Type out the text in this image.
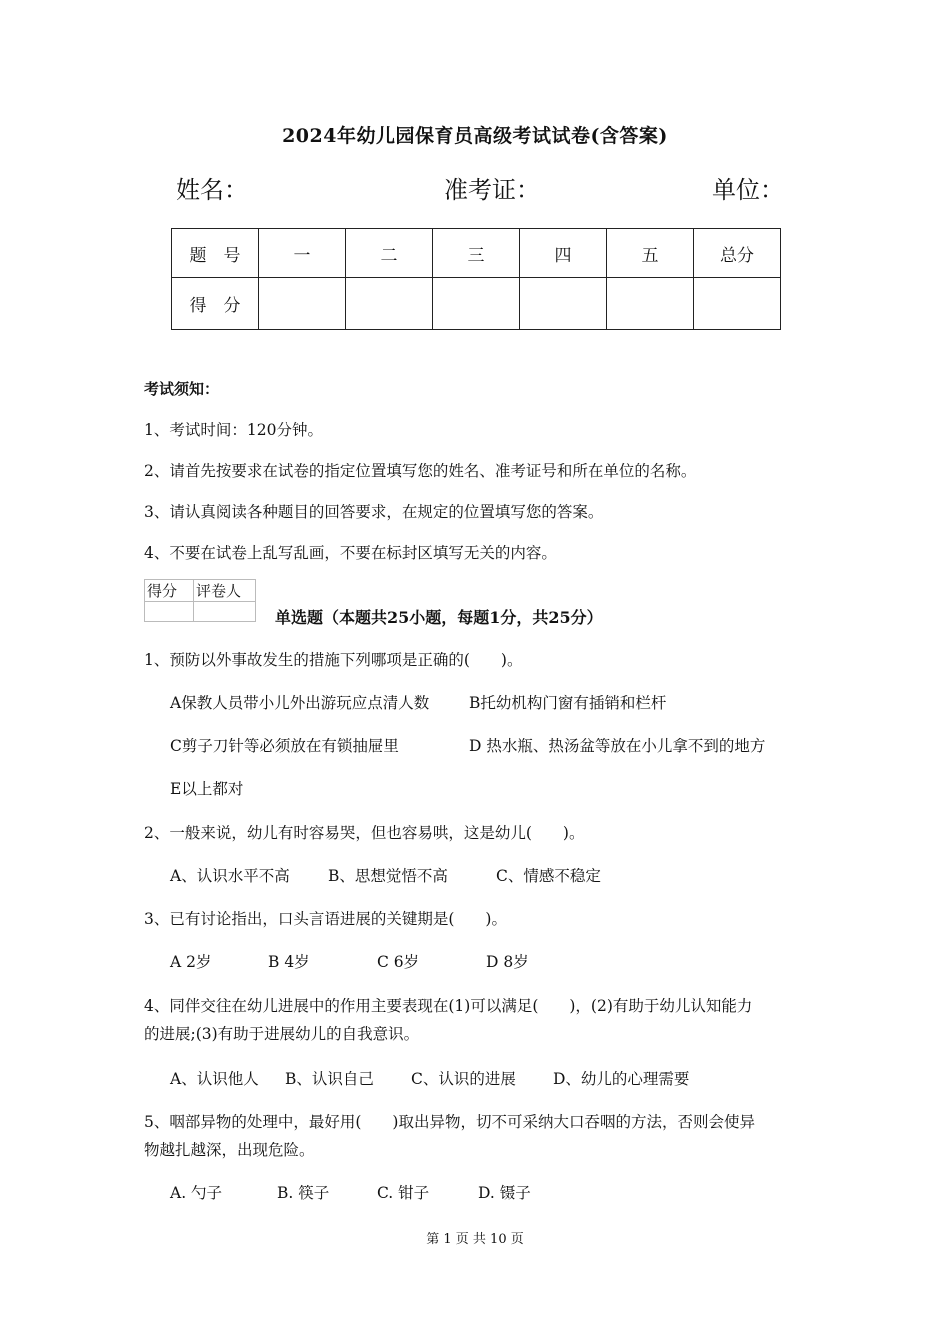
2024年幼儿园保育员高级考试试卷(含答案)
姓名：	准考证：	单位：
题　号	一	二	三	四	五	总分
得　分						
考试须知：
1、考试时间：120分钟。
2、请首先按要求在试卷的指定位置填写您的姓名、准考证号和所在单位的名称。
3、请认真阅读各种题目的回答要求，在规定的位置填写您的答案。
4、不要在试卷上乱写乱画，不要在标封区填写无关的内容。
得分	评卷人

单选题（本题共25小题，每题1分，共25分）
1、预防以外事故发生的措施下列哪项是正确的(　　)。
A保教人员带小儿外出游玩应点清人数	B托幼机构门窗有插销和栏杆
C剪子刀针等必须放在有锁抽屉里	D 热水瓶、热汤盆等放在小儿拿不到的地方
E以上都对
2、一般来说，幼儿有时容易哭，但也容易哄，这是幼儿(　　)。
A、认识水平不高 B、思想觉悟不高	C、情感不稳定
3、已有讨论指出，口头言语进展的关键期是(　　)。
A 2岁	B 4岁	C 6岁	D 8岁
4、同伴交往在幼儿进展中的作用主要表现在(1)可以满足(　　)，(2)有助于幼儿认知能力
的进展;(3)有助于进展幼儿的自我意识。
A、认识他人 B、认识自己 C、认识的进展 D、幼儿的心理需要
5、咽部异物的处理中，最好用(　　)取出异物，切不可采纳大口吞咽的方法，否则会使异
物越扎越深，出现危险。
A. 勺子	B. 筷子	C. 钳子	D. 镊子
第 1 页 共 10 页
